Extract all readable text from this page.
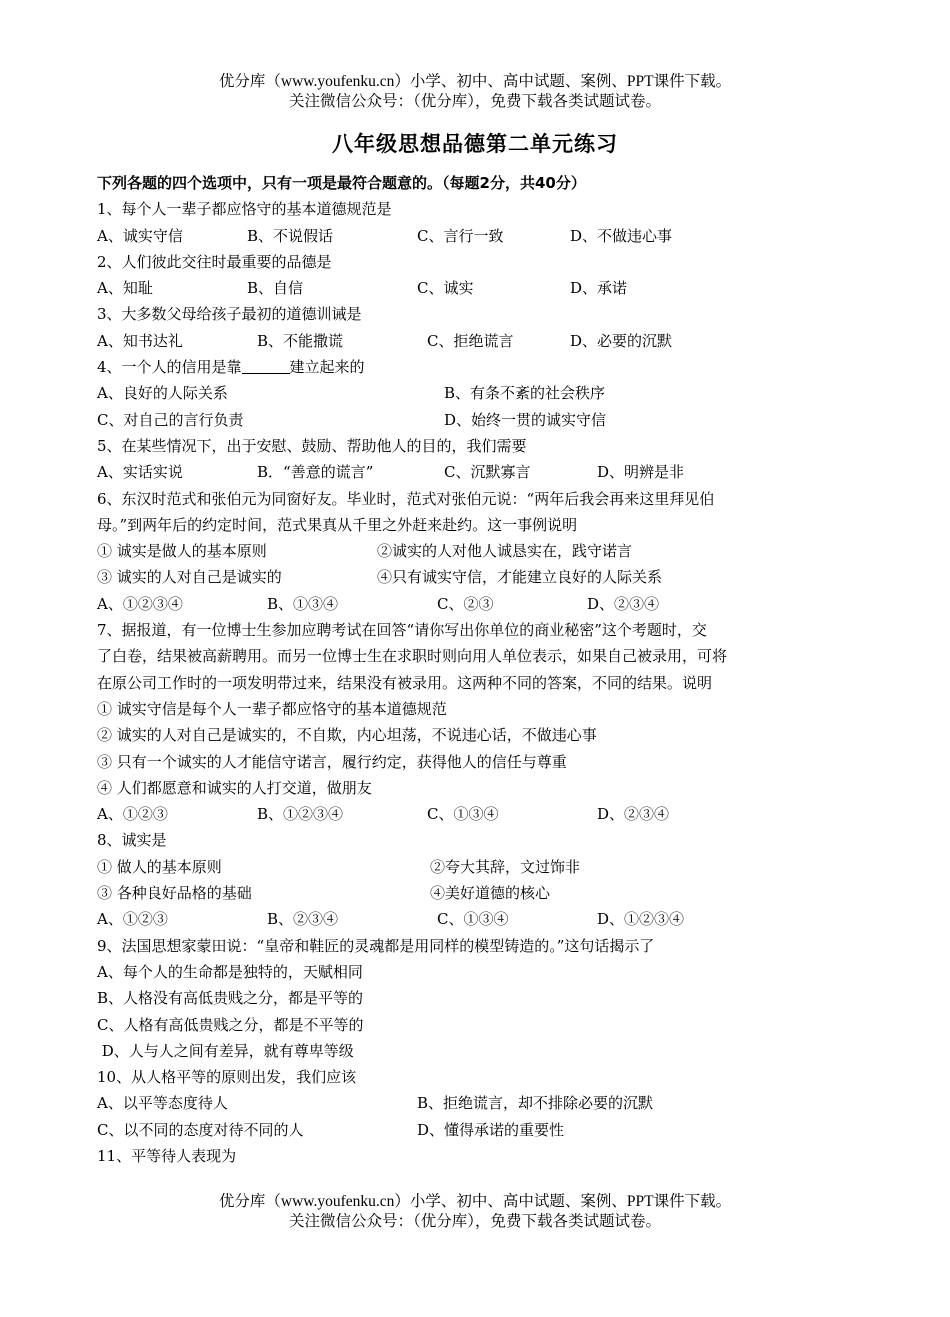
优分库（www.youfenku.cn）小学、初中、高中试题、案例、PPT课件下载。
关注微信公众号：（优分库），免费下载各类试题试卷。
八年级思想品德第二单元练习
下列各题的四个选项中，只有一项是最符合题意的。（每题2分，共40分）
1、每个人一辈子都应恪守的基本道德规范是
A、诚实守信	B、不说假话	C、言行一致	D、不做违心事
2、人们彼此交往时最重要的品德是
A、知耻	B、自信	C、诚实	D、承诺
3、大多数父母给孩子最初的道德训诫是
A、知书达礼	B、不能撒谎	C、拒绝谎言	D、必要的沉默
4、一个人的信用是靠	建立起来的
A、良好的人际关系	B、有条不紊的社会秩序
C、对自己的言行负责	D、始终一贯的诚实守信
5、在某些情况下，出于安慰、鼓励、帮助他人的目的，我们需要
A、实话实说	B．“善意的谎言”	C、沉默寡言	D、明辨是非
6、东汉时范式和张伯元为同窗好友。毕业时，范式对张伯元说：“两年后我会再来这里拜见伯
母。”到两年后的约定时间，范式果真从千里之外赶来赴约。这一事例说明
① 诚实是做人的基本原则	②诚实的人对他人诚恳实在，践守诺言
③ 诚实的人对自己是诚实的	④只有诚实守信，才能建立良好的人际关系
A、①②③④	B、①③④	C、②③	D、②③④
7、据报道，有一位博士生参加应聘考试在回答“请你写出你单位的商业秘密”这个考题时，交
了白卷，结果被高薪聘用。而另一位博士生在求职时则向用人单位表示，如果自己被录用，可将
在原公司工作时的一项发明带过来，结果没有被录用。这两种不同的答案，不同的结果。说明
① 诚实守信是每个人一辈子都应恪守的基本道德规范
② 诚实的人对自己是诚实的，不自欺，内心坦荡，不说违心话，不做违心事
③ 只有一个诚实的人才能信守诺言，履行约定，获得他人的信任与尊重
④ 人们都愿意和诚实的人打交道，做朋友
A、①②③	B、①②③④	C、①③④	D、②③④
8、诚实是
① 做人的基本原则	②夸大其辞，文过饰非
③ 各种良好品格的基础	④美好道德的核心
A、①②③	B、②③④	C、①③④	D、①②③④
9、法国思想家蒙田说：“皇帝和鞋匠的灵魂都是用同样的模型铸造的。”这句话揭示了
A、每个人的生命都是独特的，天赋相同
B、人格没有高低贵贱之分，都是平等的
C、人格有高低贵贱之分，都是不平等的
D、人与人之间有差异，就有尊卑等级
10、从人格平等的原则出发，我们应该
A、以平等态度待人	B、拒绝谎言，却不排除必要的沉默
C、以不同的态度对待不同的人	D、懂得承诺的重要性
11、平等待人表现为
优分库（www.youfenku.cn）小学、初中、高中试题、案例、PPT课件下载。
关注微信公众号：（优分库），免费下载各类试题试卷。
